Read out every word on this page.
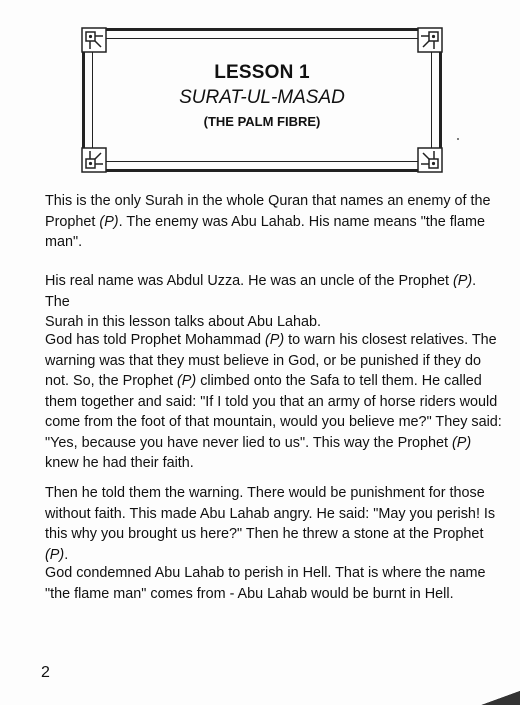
LESSON 1
SURAT-UL-MASAD
(THE PALM FIBRE)

This is the only Surah in the whole Quran that names an enemy of the

Prophet (P). The enemy was Abu Lahab. His name means "the flame

man".

His real name was Abdul Uzza. He was an uncle of the Prophet (P). The

Surah in this lesson talks about Abu Lahab.

God has told Prophet Mohammad (P) to warn his closest relatives. The

warning was that they must believe in God, or be punished if they do

not. So, the Prophet (P) climbed onto the Safa to tell them. He called

them together and said: "If I told you that an army of horse riders would

come from the foot of that mountain, would you believe me?" They said:

"Yes, because you have never lied to us". This way the Prophet (P)

knew he had their faith.

Then he told them the warning. There would be punishment for those

without faith. This made Abu Lahab angry. He said: "May you perish! Is

this why you brought us here?" Then he threw a stone at the Prophet (P).

God condemned Abu Lahab to perish in Hell. That is where the name

"the flame man" comes from - Abu Lahab would be burnt in Hell.

2
